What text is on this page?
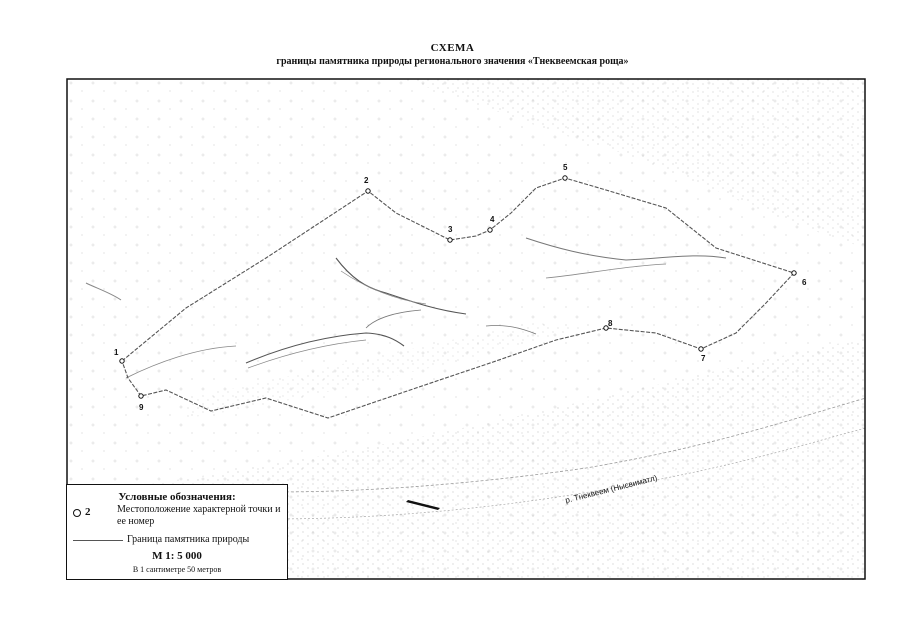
СХЕМА
границы памятника природы регионального значения «Тнеквеемская роща»
1
2
3
4
5
6
7
8
9
р. Тнеквеем (Нысвиматл)
Условные обозначения:
2	Местоположение характерной точки и ее номер
Граница памятника природы
М 1: 5 000
В 1 сантиметре 50 метров
